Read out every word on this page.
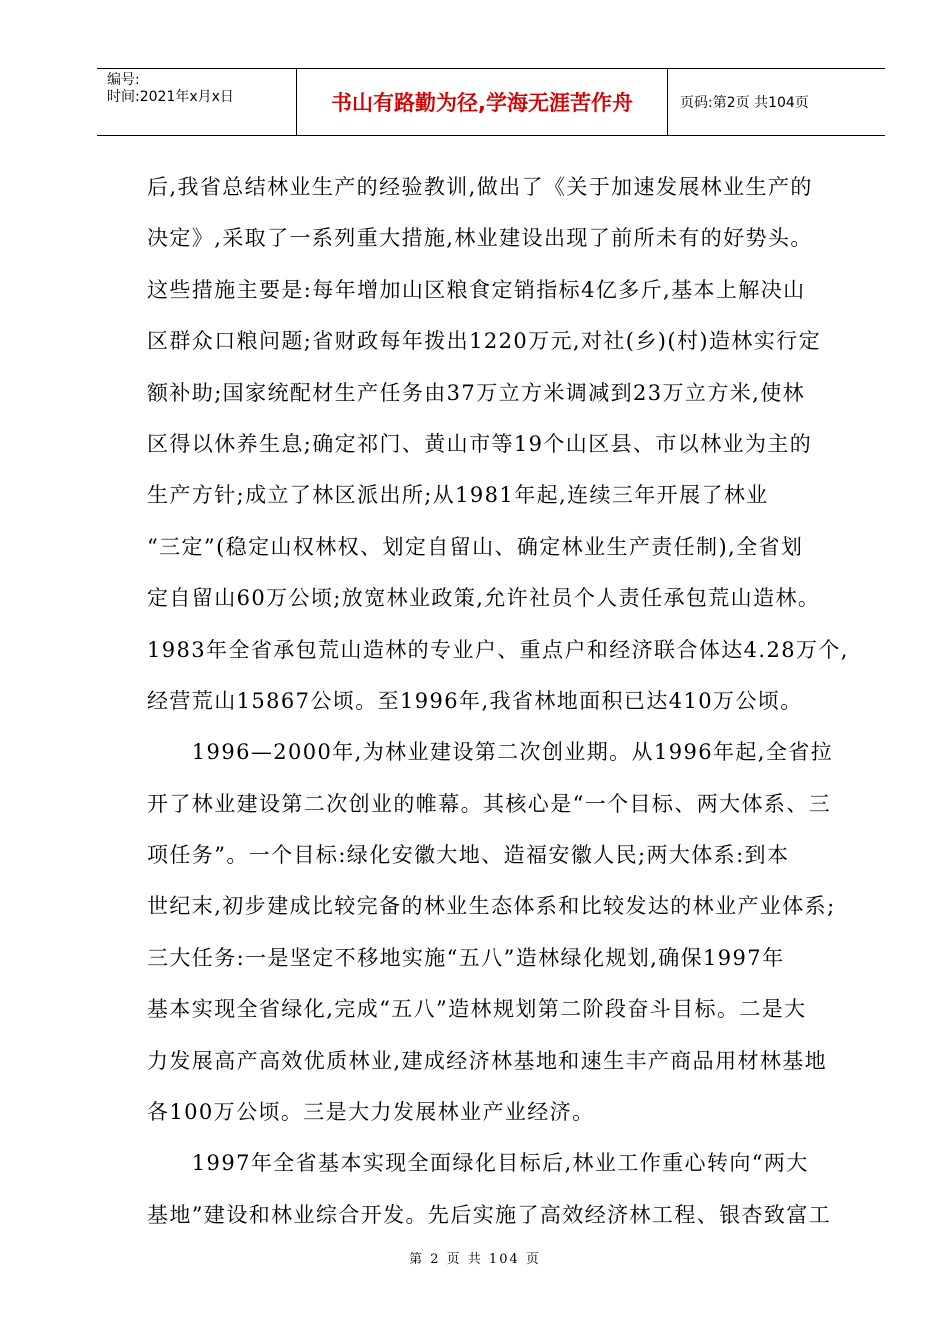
编号:
时间:2021年x月x日	书山有路勤为径,学海无涯苦作舟	页码:第2页 共104页
后,我省总结林业生产的经验教训,做出了《关于加速发展林业生产的
决定》,采取了一系列重大措施,林业建设出现了前所未有的好势头。
这些措施主要是:每年增加山区粮食定销指标4亿多斤,基本上解决山
区群众口粮问题;省财政每年拨出1220万元,对社(乡)(村)造林实行定
额补助;国家统配材生产任务由37万立方米调减到23万立方米,使林
区得以休养生息;确定祁门、黄山市等19个山区县、市以林业为主的
生产方针;成立了林区派出所;从1981年起,连续三年开展了林业
“三定”(稳定山权林权、划定自留山、确定林业生产责任制),全省划
定自留山60万公顷;放宽林业政策,允许社员个人责任承包荒山造林。
1983年全省承包荒山造林的专业户、重点户和经济联合体达4.28万个,
经营荒山15867公顷。至1996年,我省林地面积已达410万公顷。
　　1996—2000年,为林业建设第二次创业期。从1996年起,全省拉
开了林业建设第二次创业的帷幕。其核心是“一个目标、两大体系、三
项任务”。一个目标:绿化安徽大地、造福安徽人民;两大体系:到本
世纪末,初步建成比较完备的林业生态体系和比较发达的林业产业体系;
三大任务:一是坚定不移地实施“五八”造林绿化规划,确保1997年
基本实现全省绿化,完成“五八”造林规划第二阶段奋斗目标。二是大
力发展高产高效优质林业,建成经济林基地和速生丰产商品用材林基地
各100万公顷。三是大力发展林业产业经济。
　　1997年全省基本实现全面绿化目标后,林业工作重心转向“两大
基地”建设和林业综合开发。先后实施了高效经济林工程、银杏致富工
第 2 页 共 104 页
